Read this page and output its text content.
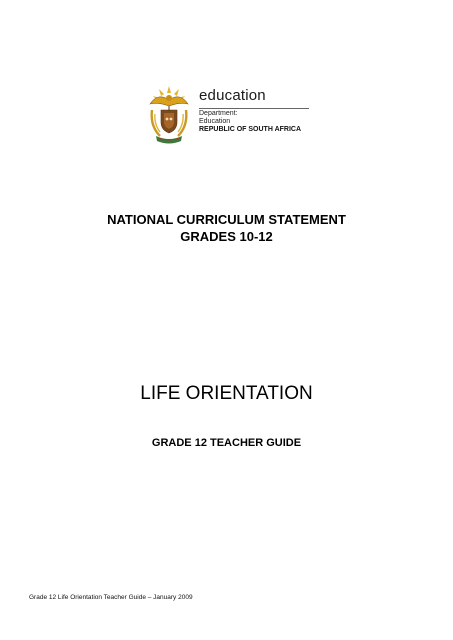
education
Department:
Education
REPUBLIC OF SOUTH AFRICA
NATIONAL CURRICULUM STATEMENT
GRADES 10-12
LIFE ORIENTATION
GRADE 12 TEACHER GUIDE
Grade 12 Life Orientation Teacher Guide – January 2009
